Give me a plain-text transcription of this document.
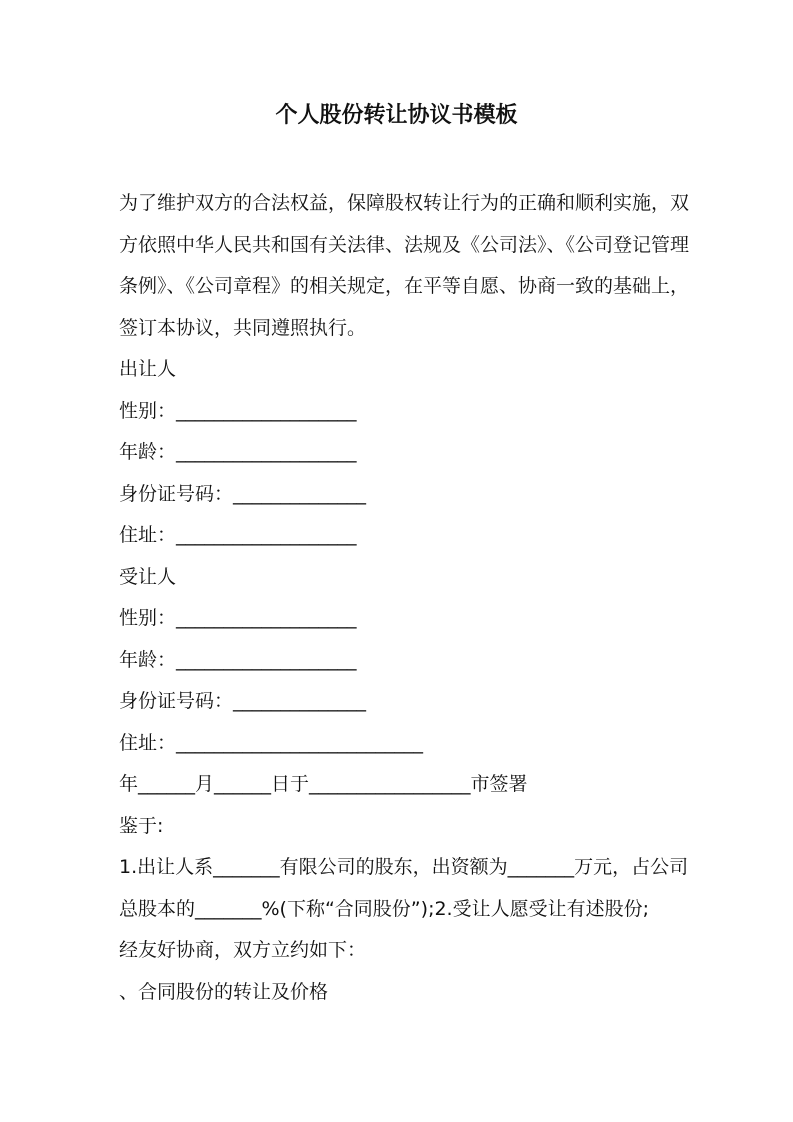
个人股份转让协议书模板

为了维护双方的合法权益，保障股权转让行为的正确和顺利实施，双

方依照中华人民共和国有关法律、法规及《公司法》、《公司登记管理

条例》、《公司章程》的相关规定，在平等自愿、协商一致的基础上，

签订本协议，共同遵照执行。

出让人

性别：___________________

年龄：___________________

身份证号码：______________

住址：___________________

受让人

性别：___________________

年龄：___________________

身份证号码：______________

住址：__________________________

年______月______日于_________________市签署

鉴于:

1.出让人系_______有限公司的股东，出资额为_______万元，占公司

总股本的_______%(下称“合同股份”);2.受让人愿受让有述股份;

经友好协商，双方立约如下：

、合同股份的转让及价格
